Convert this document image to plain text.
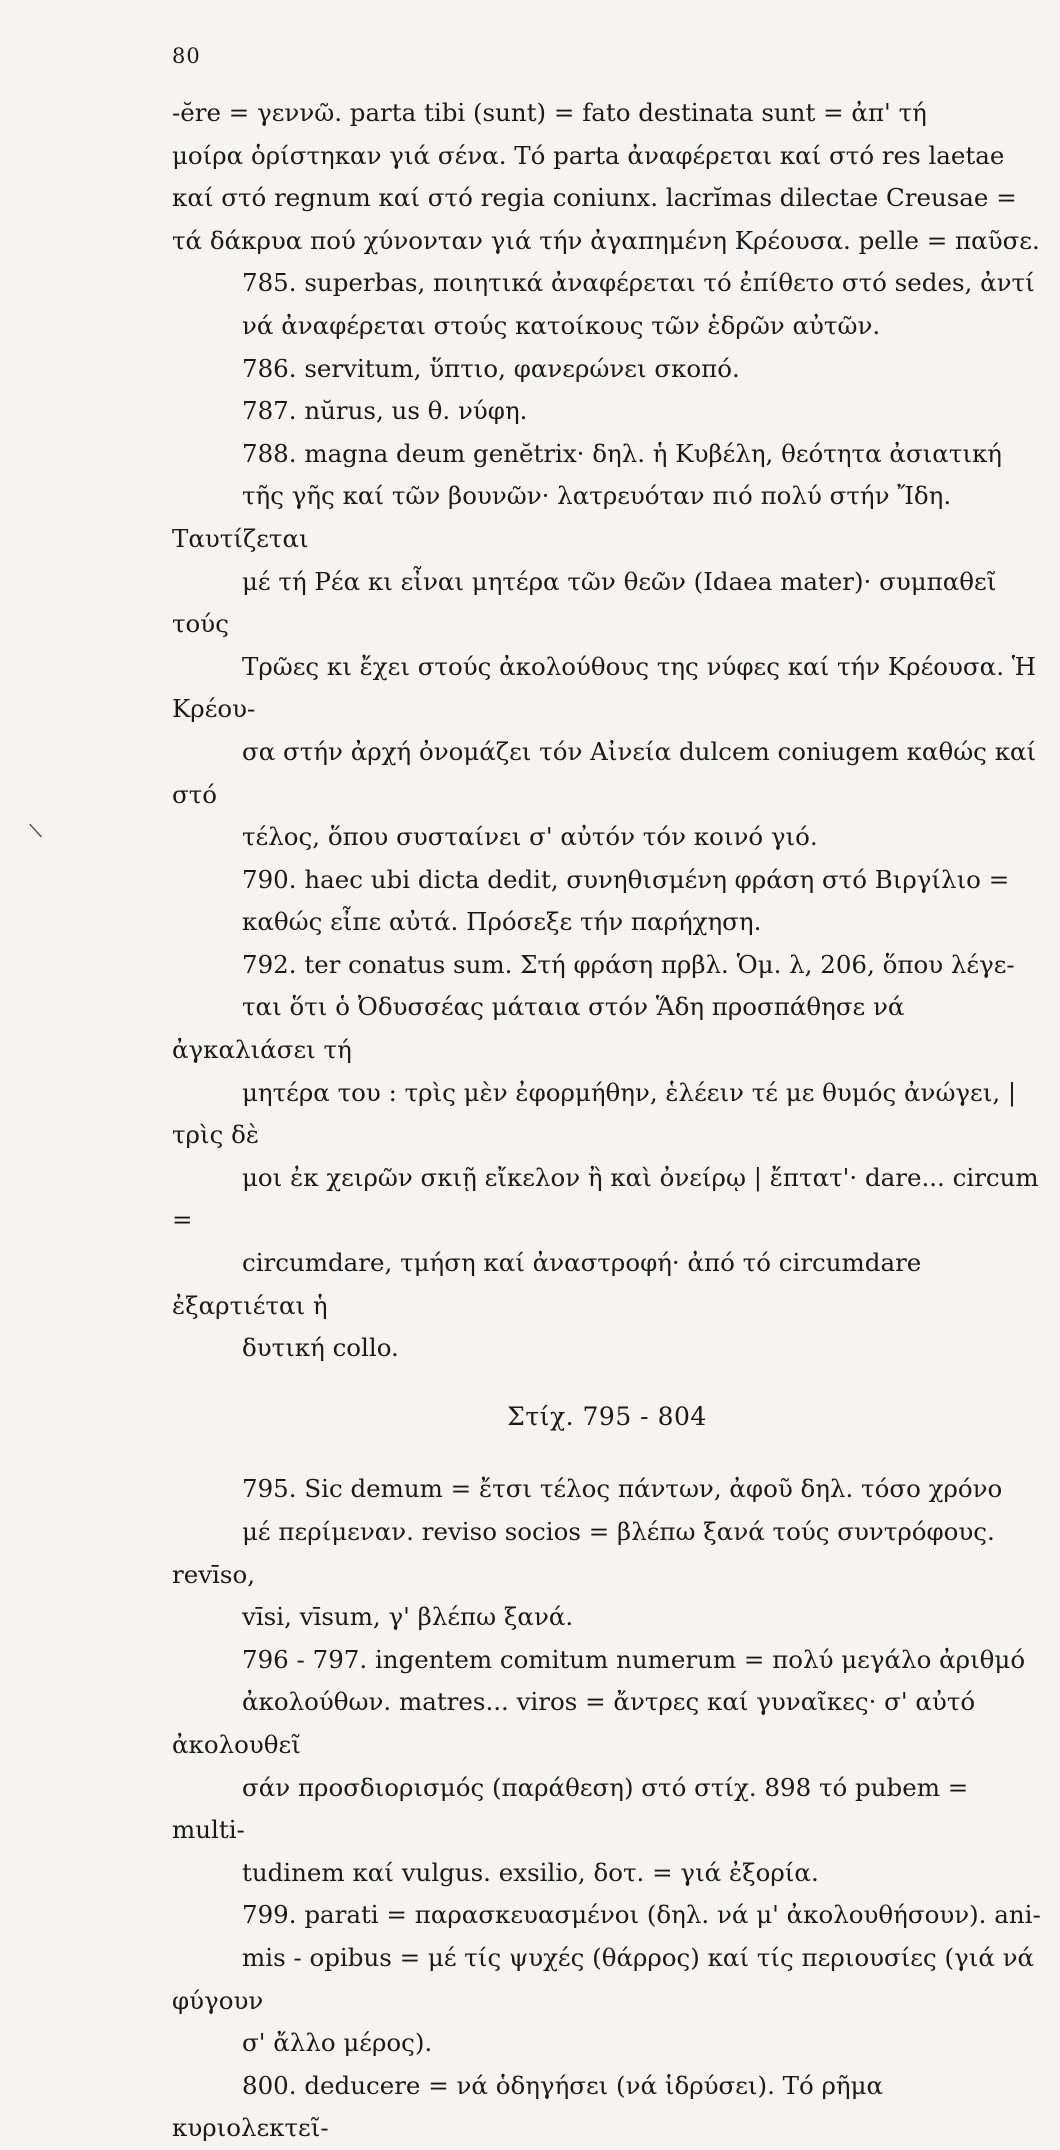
80
\
-ĕre = γεννῶ. parta tibi (sunt) = fato destinata sunt = ἀπ' τή
μοίρα ὁρίστηκαν γιά σένα. Τό parta ἀναφέρεται καί στό res laetae
καί στό regnum καί στό regia coniunx. lacrĭmas dilectae Creusae =
τά δάκρυα πού χύνονταν γιά τήν ἀγαπημένη Κρέουσα. pelle = παῦσε.
785. superbas, ποιητικά ἀναφέρεται τό ἐπίθετο στό sedes, ἀντί
νά ἀναφέρεται στούς κατοίκους τῶν ἑδρῶν αὐτῶν.
786. servitum, ὕπτιο, φανερώνει σκοπό.
787. nŭrus, us θ. νύφη.
788. magna deum genĕtrix· δηλ. ἡ Κυβέλη, θεότητα ἀσιατική
τῆς γῆς καί τῶν βουνῶν· λατρευόταν πιό πολύ στήν Ἴδη. Ταυτίζεται
μέ τή Ρέα κι εἶναι μητέρα τῶν θεῶν (Idaea mater)· συμπαθεῖ τούς
Τρῶες κι ἔχει στούς ἀκολούθους της νύφες καί τήν Κρέουσα. Ἡ Κρέου-
σα στήν ἀρχή ὀνομάζει τόν Αἰνεία dulcem coniugem καθώς καί στό
τέλος, ὅπου συσταίνει σ' αὐτόν τόν κοινό γιό.
790. haec ubi dicta dedit, συνηθισμένη φράση στό Βιργίλιο =
καθώς εἶπε αὐτά. Πρόσεξε τήν παρήχηση.
792. ter conatus sum. Στή φράση πρβλ. Ὁμ. λ, 206, ὅπου λέγε-
ται ὅτι ὁ Ὀδυσσέας μάταια στόν Ἅδη προσπάθησε νά ἀγκαλιάσει τή
μητέρα του : τρὶς μὲν ἐφορμήθην, ἑλέειν τέ με θυμός ἀνώγει, | τρὶς δὲ
μοι ἐκ χειρῶν σκιῇ εἴκελον ἢ καὶ ὀνείρῳ | ἔπτατ'· dare... circum =
circumdare, τμήση καί ἀναστροφή· ἀπό τό circumdare ἐξαρτιέται ἡ
δυτική collo.
Στίχ. 795 - 804
795. Sic demum = ἔτσι τέλος πάντων, ἀφοῦ δηλ. τόσο χρόνο
μέ περίμεναν. reviso socios = βλέπω ξανά τούς συντρόφους. revīso,
vīsi, vīsum, γ' βλέπω ξανά.
796 - 797. ingentem comitum numerum = πολύ μεγάλο ἀριθμό
ἀκολούθων. matres... viros = ἄντρες καί γυναῖκες· σ' αὐτό ἀκολουθεῖ
σάν προσδιορισμός (παράθεση) στό στίχ. 898 τό pubem = multi-
tudinem καί vulgus. exsilio, δοτ. = γιά ἐξορία.
799. parati = παρασκευασμένοι (δηλ. νά μ' ἀκολουθήσουν). ani-
mis - opibus = μέ τίς ψυχές (θάρρος) καί τίς περιουσίες (γιά νά φύγουν
σ' ἄλλο μέρος).
800. deducere = νά ὁδηγήσει (νά ἱδρύσει). Τό ρῆμα κυριολεκτεῖ-
